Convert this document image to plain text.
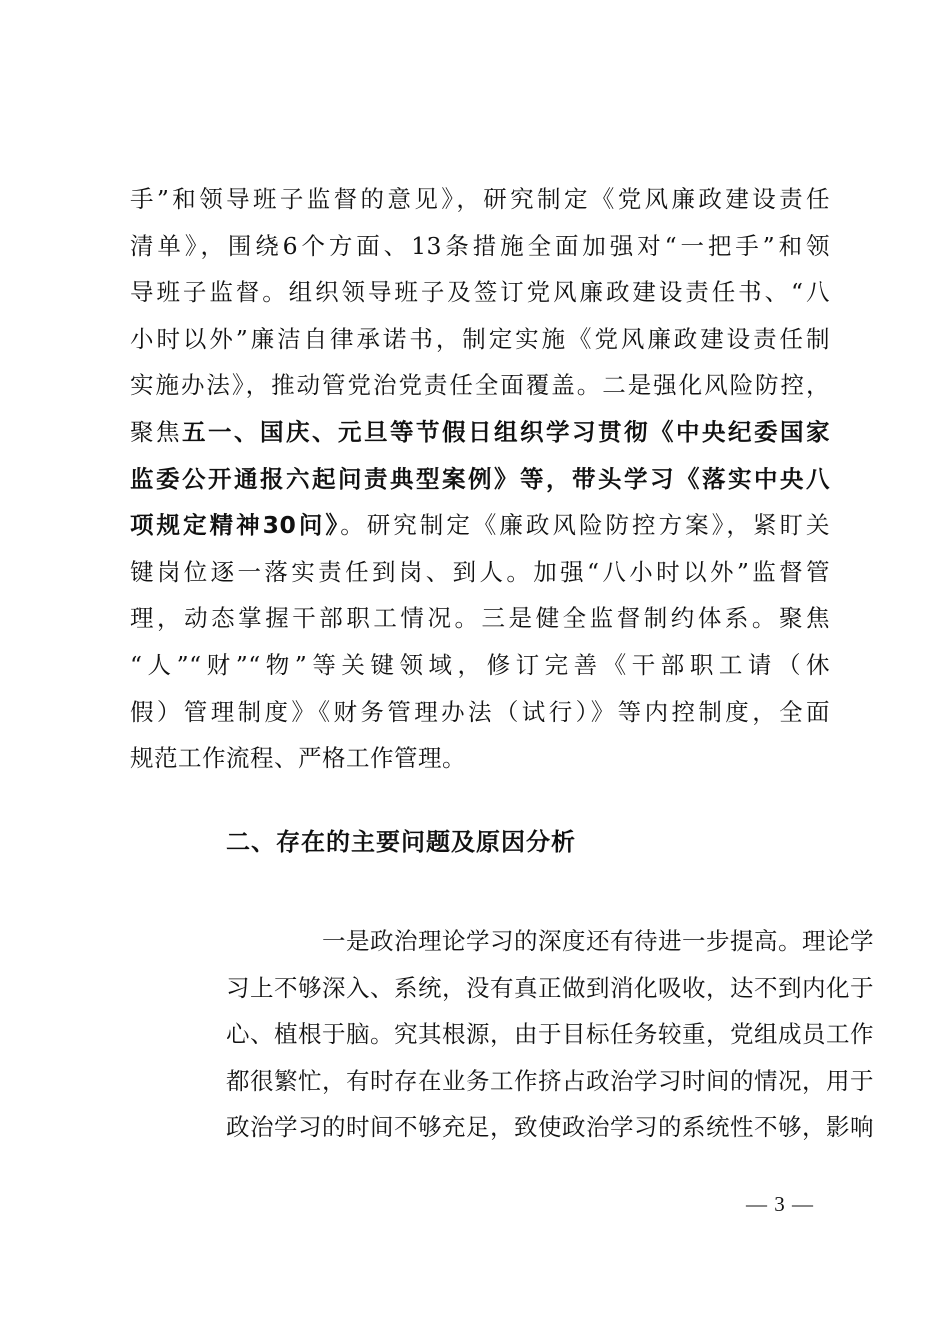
手”和领导班子监督的意见》，研究制定《党风廉政建设责任
清单》，围绕6个方面、13条措施全面加强对“一把手”和领
导班子监督。组织领导班子及签订党风廉政建设责任书、“八
小时以外”廉洁自律承诺书，制定实施《党风廉政建设责任制
实施办法》，推动管党治党责任全面覆盖。二是强化风险防控，
聚焦五一、国庆、元旦等节假日组织学习贯彻《中央纪委国家
监委公开通报六起问责典型案例》等，带头学习《落实中央八
项规定精神30问》。研究制定《廉政风险防控方案》，紧盯关
键岗位逐一落实责任到岗、到人。加强“八小时以外”监督管
理，动态掌握干部职工情况。三是健全监督制约体系。聚焦
“人”“财”“物”等关键领域，修订完善《干部职工请（休
假）管理制度》《财务管理办法（试行）》等内控制度，全面
规范工作流程、严格工作管理。
二、存在的主要问题及原因分析
一是政治理论学习的深度还有待进一步提高。理论学
习上不够深入、系统，没有真正做到消化吸收，达不到内化于
心、植根于脑。究其根源，由于目标任务较重，党组成员工作
都很繁忙，有时存在业务工作挤占政治学习时间的情况，用于
政治学习的时间不够充足，致使政治学习的系统性不够，影响
— 3 —
